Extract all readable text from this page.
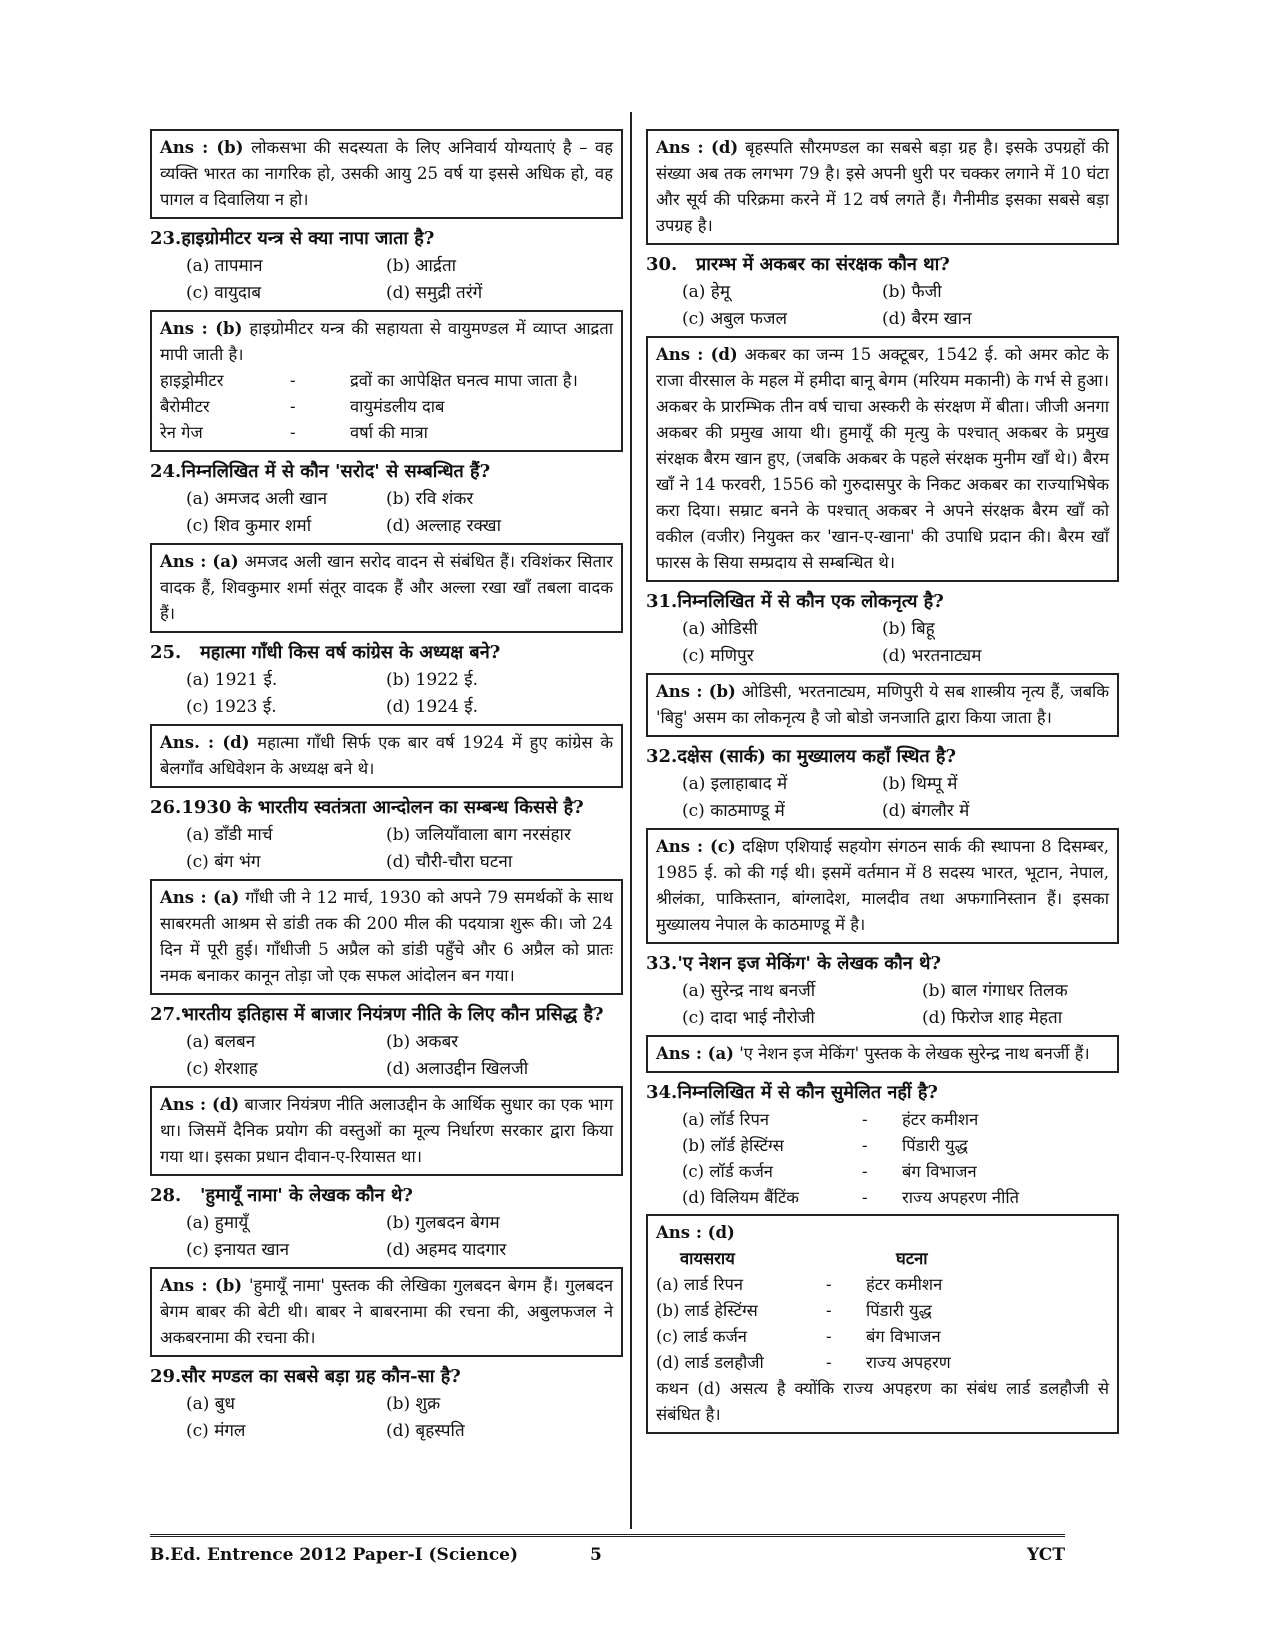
Ans : (b) लोकसभा की सदस्यता के लिए अनिवार्य योग्यताएं है – वह व्यक्ति भारत का नागरिक हो, उसकी आयु 25 वर्ष या इससे अधिक हो, वह पागल व दिवालिया न हो।
23. हाइग्रोमीटर यन्त्र से क्या नापा जाता है?
(a) तापमान	(b) आर्द्रता
(c) वायुदाब	(d) समुद्री तरंगें
Ans : (b) हाइग्रोमीटर यन्त्र की सहायता से वायुमण्डल में व्याप्त आद्रता मापी जाती है।
हाइड्रोमीटर	-	द्रवों का आपेक्षित घनत्व मापा जाता है।
बैरोमीटर	-	वायुमंडलीय दाब
रेन गेज	-	वर्षा की मात्रा
24. निम्नलिखित में से कौन 'सरोद' से सम्बन्धित हैं?
(a) अमजद अली खान	(b) रवि शंकर
(c) शिव कुमार शर्मा	(d) अल्लाह रक्खा
Ans : (a) अमजद अली खान सरोद वादन से संबंधित हैं। रविशंकर सितार वादक हैं, शिवकुमार शर्मा संतूर वादक हैं और अल्ला रखा खाँ तबला वादक हैं।
25.	महात्मा गाँधी किस वर्ष कांग्रेस के अध्यक्ष बने?
(a) 1921 ई.	(b) 1922 ई.
(c) 1923 ई.	(d) 1924 ई.
Ans. : (d) महात्मा गाँधी सिर्फ एक बार वर्ष 1924 में हुए कांग्रेस के बेलगाँव अधिवेशन के अध्यक्ष बने थे।
26. 1930 के भारतीय स्वतंत्रता आन्दोलन का सम्बन्ध किससे है?
(a) डाँडी मार्च	(b) जलियाँवाला बाग नरसंहार
(c) बंग भंग	(d) चौरी-चौरा घटना
Ans : (a) गाँधी जी ने 12 मार्च, 1930 को अपने 79 समर्थकों के साथ साबरमती आश्रम से डांडी तक की 200 मील की पदयात्रा शुरू की। जो 24 दिन में पूरी हुई। गाँधीजी 5 अप्रैल को डांडी पहुँचे और 6 अप्रैल को प्रातः नमक बनाकर कानून तोड़ा जो एक सफल आंदोलन बन गया।
27. भारतीय इतिहास में बाजार नियंत्रण नीति के लिए कौन प्रसिद्ध है?
(a) बलबन	(b) अकबर
(c) शेरशाह	(d) अलाउद्दीन खिलजी
Ans : (d) बाजार नियंत्रण नीति अलाउद्दीन के आर्थिक सुधार का एक भाग था। जिसमें दैनिक प्रयोग की वस्तुओं का मूल्य निर्धारण सरकार द्वारा किया गया था। इसका प्रधान दीवान-ए-रियासत था।
28.	'हुमायूँ नामा' के लेखक कौन थे?
(a) हुमायूँ	(b) गुलबदन बेगम
(c) इनायत खान	(d) अहमद यादगार
Ans : (b) 'हुमायूँ नामा' पुस्तक की लेखिका गुलबदन बेगम हैं। गुलबदन बेगम बाबर की बेटी थी। बाबर ने बाबरनामा की रचना की, अबुलफजल ने अकबरनामा की रचना की।
29. सौर मण्डल का सबसे बड़ा ग्रह कौन-सा है?
(a) बुध	(b) शुक्र
(c) मंगल	(d) बृहस्पति
Ans : (d) बृहस्पति सौरमण्डल का सबसे बड़ा ग्रह है। इसके उपग्रहों की संख्या अब तक लगभग 79 है। इसे अपनी धुरी पर चक्कर लगाने में 10 घंटा और सूर्य की परिक्रमा करने में 12 वर्ष लगते हैं। गैनीमीड इसका सबसे बड़ा उपग्रह है।
30.	प्रारम्भ में अकबर का संरक्षक कौन था?
(a) हेमू	(b) फैजी
(c) अबुल फजल	(d) बैरम खान
Ans : (d) अकबर का जन्म 15 अक्टूबर, 1542 ई. को अमर कोट के राजा वीरसाल के महल में हमीदा बानू बेगम (मरियम मकानी) के गर्भ से हुआ। अकबर के प्रारम्भिक तीन वर्ष चाचा अस्करी के संरक्षण में बीता। जीजी अनगा अकबर की प्रमुख आया थी। हुमायूँ की मृत्यु के पश्चात् अकबर के प्रमुख संरक्षक बैरम खान हुए, (जबकि अकबर के पहले संरक्षक मुनीम खाँ थे।) बैरम खाँ ने 14 फरवरी, 1556 को गुरुदासपुर के निकट अकबर का राज्याभिषेक करा दिया। सम्राट बनने के पश्चात् अकबर ने अपने संरक्षक बैरम खाँ को वकील (वजीर) नियुक्त कर 'खान-ए-खाना' की उपाधि प्रदान की। बैरम खाँ फारस के सिया सम्प्रदाय से सम्बन्धित थे।
31. निम्नलिखित में से कौन एक लोकनृत्य है?
(a) ओडिसी	(b) बिहू
(c) मणिपुर	(d) भरतनाट्यम
Ans : (b) ओडिसी, भरतनाट्यम, मणिपुरी ये सब शास्त्रीय नृत्य हैं, जबकि 'बिहु' असम का लोकनृत्य है जो बोडो जनजाति द्वारा किया जाता है।
32. दक्षेस (सार्क) का मुख्यालय कहाँ स्थित है?
(a) इलाहाबाद में	(b) थिम्पू में
(c) काठमाण्डू में	(d) बंगलौर में
Ans : (c) दक्षिण एशियाई सहयोग संगठन सार्क की स्थापना 8 दिसम्बर, 1985 ई. को की गई थी। इसमें वर्तमान में 8 सदस्य भारत, भूटान, नेपाल, श्रीलंका, पाकिस्तान, बांग्लादेश, मालदीव तथा अफगानिस्तान हैं। इसका मुख्यालय नेपाल के काठमाण्डू में है।
33. 'ए नेशन इज मेकिंग' के लेखक कौन थे?
(a) सुरेन्द्र नाथ बनर्जी	(b) बाल गंगाधर तिलक
(c) दादा भाई नौरोजी	(d) फिरोज शाह मेहता
Ans : (a) 'ए नेशन इज मेकिंग' पुस्तक के लेखक सुरेन्द्र नाथ बनर्जी हैं।
34. निम्नलिखित में से कौन सुमेलित नहीं है?
(a) लॉर्ड रिपन	-	हंटर कमीशन
(b) लॉर्ड हेस्टिंग्स	-	पिंडारी युद्ध
(c) लॉर्ड कर्जन	-	बंग विभाजन
(d) विलियम बैंटिंक	-	राज्य अपहरण नीति
Ans : (d)
वायसराय	घटना
(a) लार्ड रिपन	-	हंटर कमीशन
(b) लार्ड हेस्टिंग्स	-	पिंडारी युद्ध
(c) लार्ड कर्जन	-	बंग विभाजन
(d) लार्ड डलहौजी	-	राज्य अपहरण
कथन (d) असत्य है क्योंकि राज्य अपहरण का संबंध लार्ड डलहौजी से संबंधित है।
B.Ed. Entrence 2012 Paper-I (Science)	5	YCT
